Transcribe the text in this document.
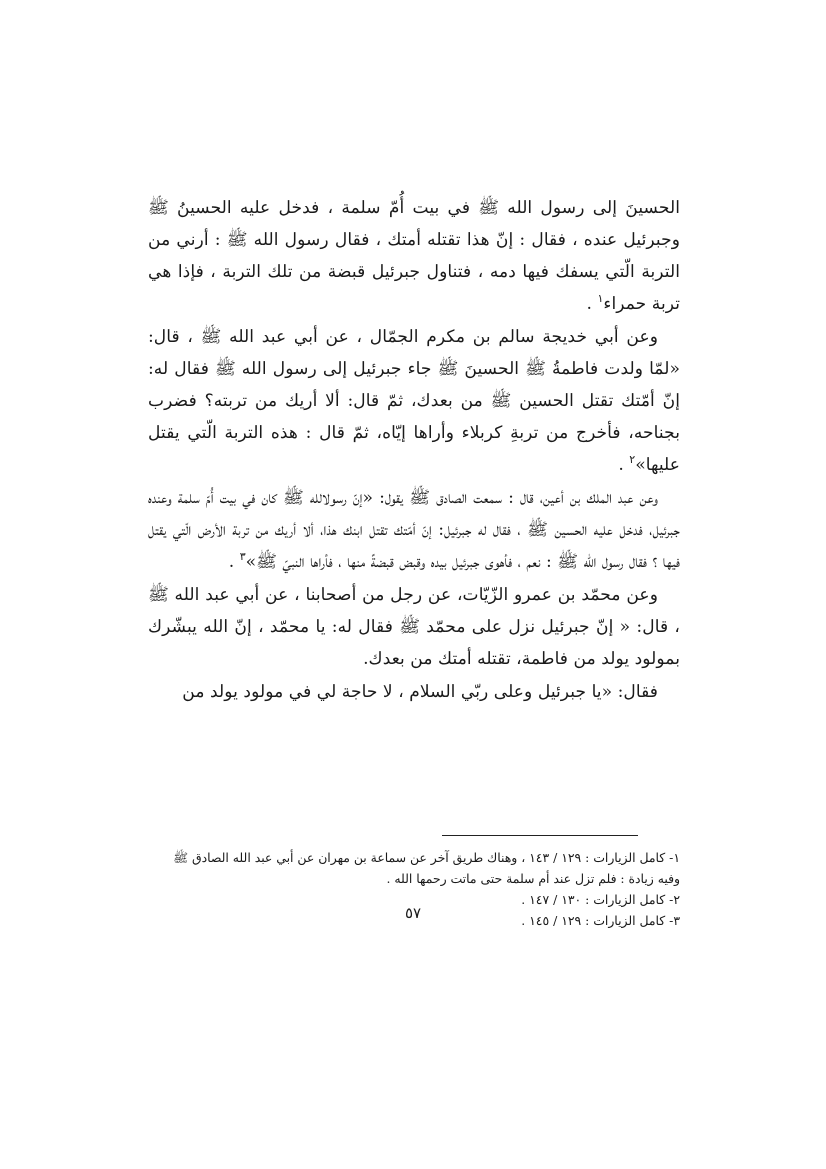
الحسينَ إلى رسول الله ﷺ في بيت أُمّ سلمة ، فدخل عليه الحسينُ ﷺ وجبرئيل عنده ، فقال : إنّ هذا تقتله أمتك ، فقال رسول الله ﷺ : أرني من التربة الّتي يسفك فيها دمه ، فتناول جبرئيل قبضة من تلك التربة ، فإذا هي تربة حمراء$^١$ .

وعن أبي خديجة سالم بن مكرم الجمّال ، عن أبي عبد الله ﷺ ، قال: «لمّا ولدت فاطمةُ ﷺ الحسينَ ﷺ جاء جبرئيل إلى رسول الله ﷺ فقال له: إنّ أمّتك تقتل الحسين ﷺ من بعدك، ثمّ قال: ألا أريك من تربته؟ فضرب بجناحه، فأخرج من تربةِ كربلاء وأراها إيّاه، ثمّ قال : هذه التربة الّتي يقتل عليها»$^٢$ .

وعن عبد الملك بن أعين، قال : سمعت الصادق ﷺ يقول: «إنّ رسولالله ﷺ كان في بيت أُمّ سلمة وعنده جبرئيل، فدخل عليه الحسين ﷺ ، فقال له جبرئيل: إنّ أمّتك تقتل ابنك هذا، ألا أريك من تربة الأرض الّتي يقتل فيها ؟ فقال رسول الله ﷺ : نعم ، فأهوى جبرئيل بيده وقبض قبضةً منها ، فأراها النبيّ ﷺ»$^٣$ .

وعن محمّد بن عمرو الزّيّات، عن رجل من أصحابنا ، عن أبي عبد الله ﷺ ، قال: « إنّ جبرئيل نزل على محمّد ﷺ فقال له: يا محمّد ، إنّ الله يبشّرك بمولود يولد من فاطمة، تقتله أمتك من بعدك.

فقال: «يا جبرئيل وعلى ربّي السلام ، لا حاجة لي في مولود يولد من

١- كامل الزيارات : ١٢٩ / ١٤٣ ، وهناك طريق آخر عن سماعة بن مهران عن أبي عبد الله الصادق ﷺ وفيه زيادة : فلم تزل عند أم سلمة حتى ماتت رحمها الله .

٢- كامل الزيارات : ١٣٠ / ١٤٧ .

٣- كامل الزيارات : ١٢٩ / ١٤٥ .

٥٧
